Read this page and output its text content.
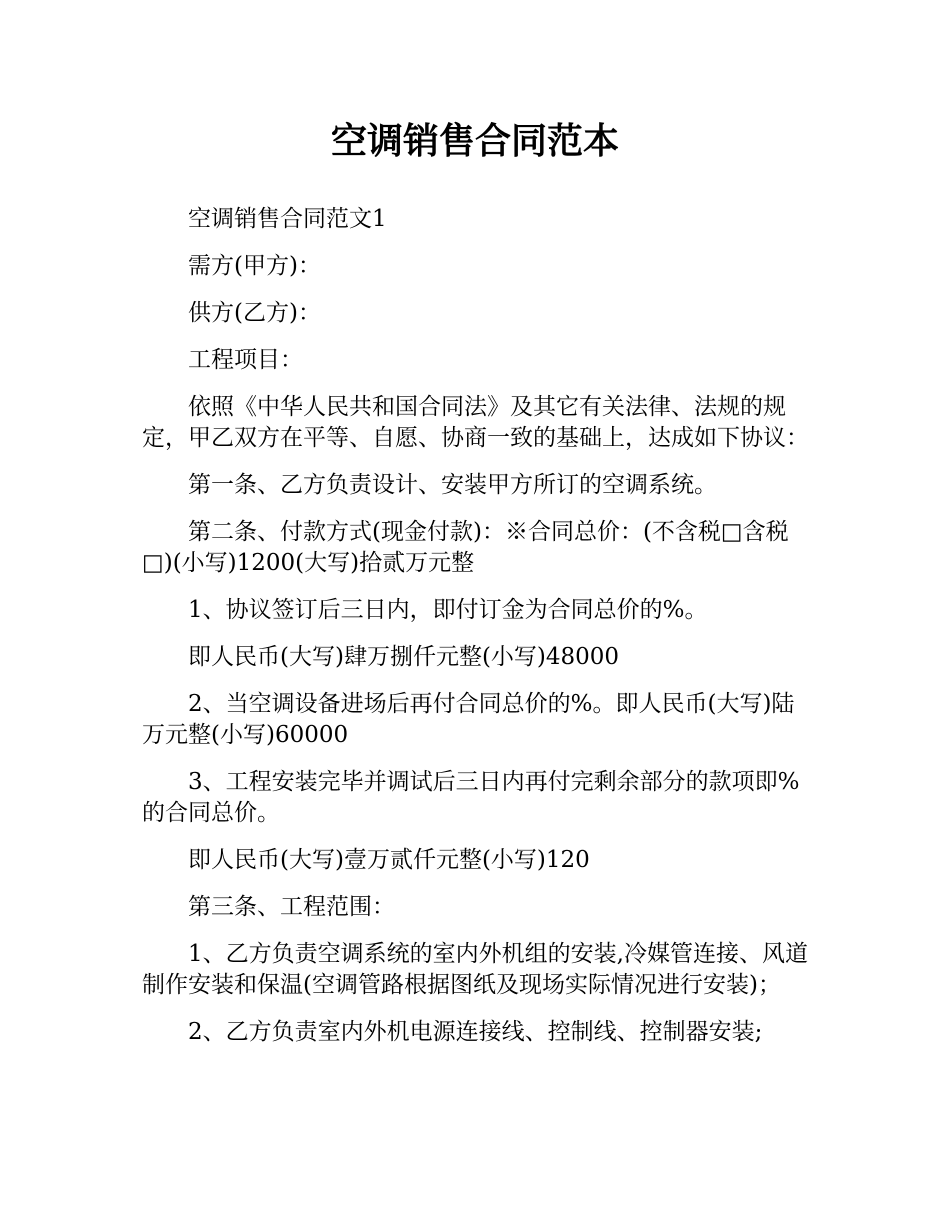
空调销售合同范本

空调销售合同范文1

需方(甲方)：

供方(乙方)：

工程项目：

依照《中华人民共和国合同法》及其它有关法律、法规的规定，甲乙双方在平等、自愿、协商一致的基础上，达成如下协议：

第一条、乙方负责设计、安装甲方所订的空调系统。

第二条、付款方式(现金付款)：※合同总价：(不含税□含税□)(小写)1200(大写)拾贰万元整

1、协议签订后三日内，即付订金为合同总价的%。

即人民币(大写)肆万捌仟元整(小写)48000

2、当空调设备进场后再付合同总价的%。即人民币(大写)陆万元整(小写)60000

3、工程安装完毕并调试后三日内再付完剩余部分的款项即%的合同总价。

即人民币(大写)壹万贰仟元整(小写)120

第三条、工程范围：

1、乙方负责空调系统的室内外机组的安装,冷媒管连接、风道制作安装和保温(空调管路根据图纸及现场实际情况进行安装)；

2、乙方负责室内外机电源连接线、控制线、控制器安装;
